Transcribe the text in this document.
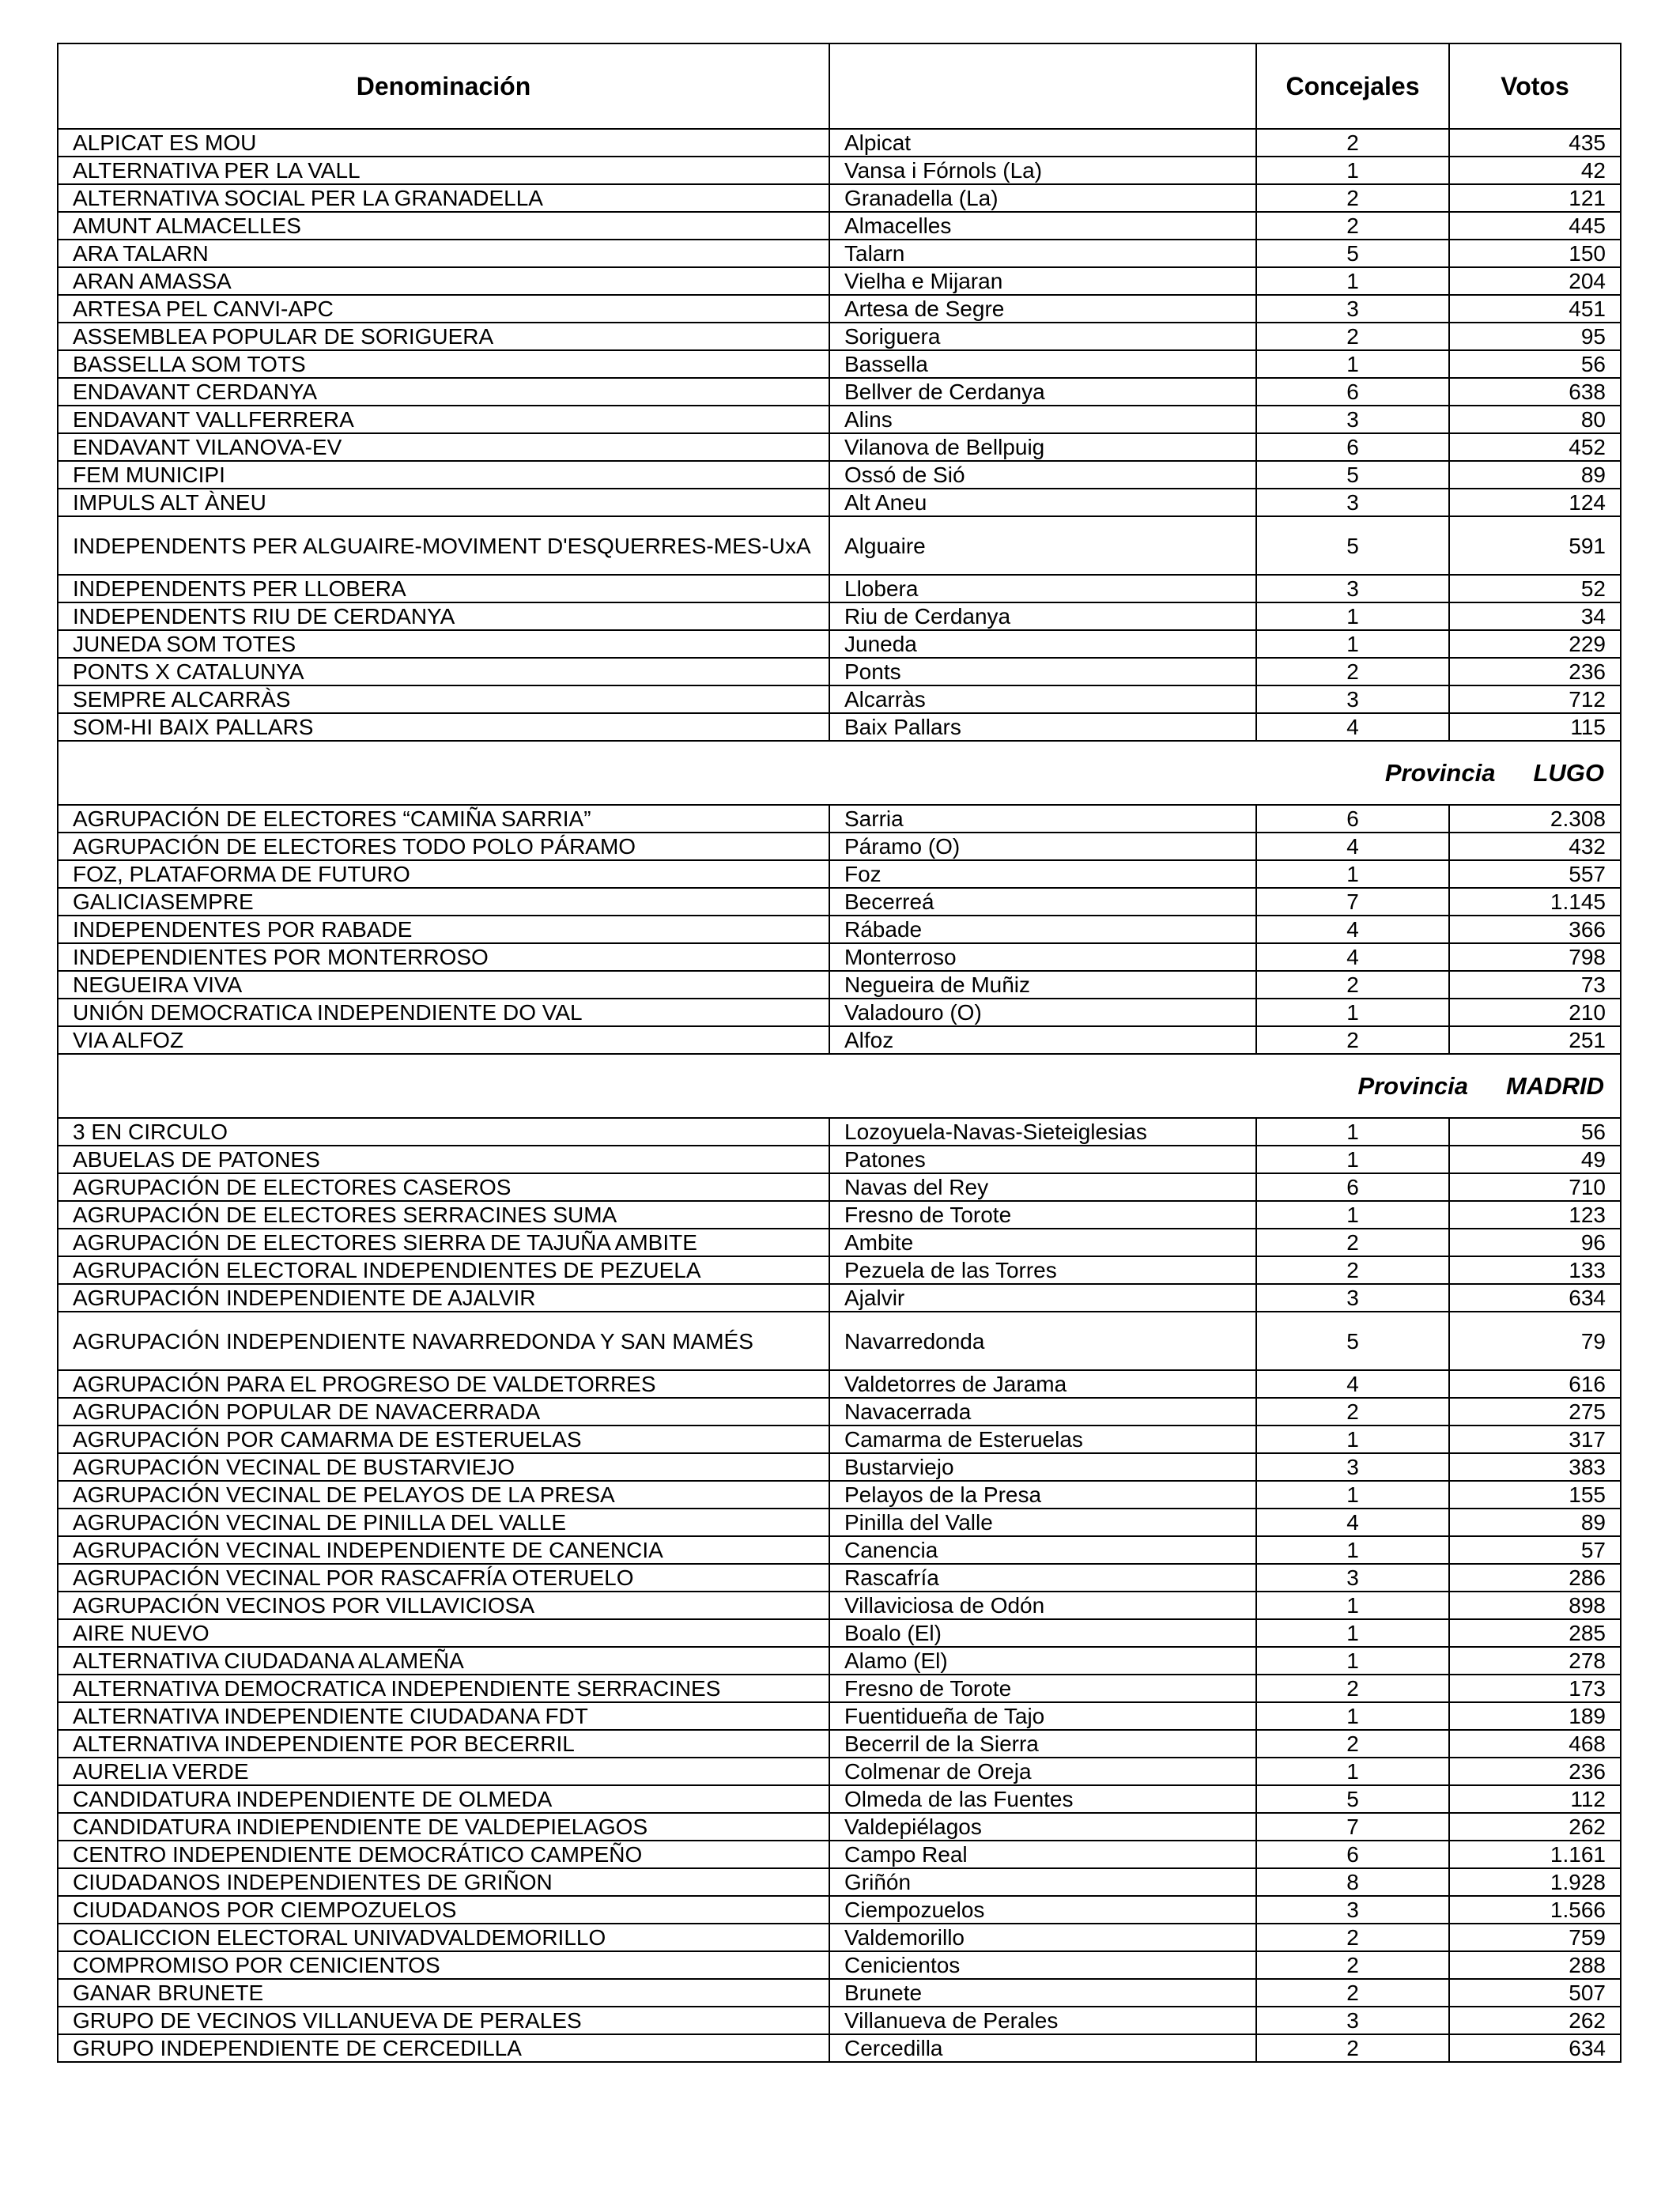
Denominación		Concejales	Votos
ALPICAT ES MOU	Alpicat	2	435
ALTERNATIVA PER LA VALL	Vansa i Fórnols (La)	1	42
ALTERNATIVA SOCIAL PER LA GRANADELLA	Granadella (La)	2	121
AMUNT ALMACELLES	Almacelles	2	445
ARA TALARN	Talarn	5	150
ARAN AMASSA	Vielha e Mijaran	1	204
ARTESA PEL CANVI-APC	Artesa de Segre	3	451
ASSEMBLEA POPULAR DE SORIGUERA	Soriguera	2	95
BASSELLA SOM TOTS	Bassella	1	56
ENDAVANT CERDANYA	Bellver de Cerdanya	6	638
ENDAVANT VALLFERRERA	Alins	3	80
ENDAVANT VILANOVA-EV	Vilanova de Bellpuig	6	452
FEM MUNICIPI	Ossó de Sió	5	89
IMPULS ALT ÀNEU	Alt Aneu	3	124
INDEPENDENTS PER ALGUAIRE-MOVIMENT D'ESQUERRES-MES-UxA	Alguaire	5	591
INDEPENDENTS PER LLOBERA	Llobera	3	52
INDEPENDENTS RIU DE CERDANYA	Riu de Cerdanya	1	34
JUNEDA SOM TOTES	Juneda	1	229
PONTS X CATALUNYA	Ponts	2	236
SEMPRE ALCARRÀS	Alcarràs	3	712
SOM-HI BAIX PALLARS	Baix Pallars	4	115
Provincia LUGO			
AGRUPACIÓN DE ELECTORES “CAMIÑA SARRIA”	Sarria	6	2.308
AGRUPACIÓN DE ELECTORES TODO POLO PÁRAMO	Páramo (O)	4	432
FOZ, PLATAFORMA DE FUTURO	Foz	1	557
GALICIASEMPRE	Becerreá	7	1.145
INDEPENDENTES POR RABADE	Rábade	4	366
INDEPENDIENTES POR MONTERROSO	Monterroso	4	798
NEGUEIRA VIVA	Negueira de Muñiz	2	73
UNIÓN DEMOCRATICA INDEPENDIENTE DO VAL	Valadouro (O)	1	210
VIA ALFOZ	Alfoz	2	251
Provincia MADRID			
3 EN CIRCULO	Lozoyuela-Navas-Sieteiglesias	1	56
ABUELAS DE PATONES	Patones	1	49
AGRUPACIÓN DE ELECTORES CASEROS	Navas del Rey	6	710
AGRUPACIÓN DE ELECTORES SERRACINES SUMA	Fresno de Torote	1	123
AGRUPACIÓN DE ELECTORES SIERRA DE TAJUÑA AMBITE	Ambite	2	96
AGRUPACIÓN ELECTORAL INDEPENDIENTES DE PEZUELA	Pezuela de las Torres	2	133
AGRUPACIÓN INDEPENDIENTE DE AJALVIR	Ajalvir	3	634
AGRUPACIÓN INDEPENDIENTE NAVARREDONDA Y SAN MAMÉS	Navarredonda	5	79
AGRUPACIÓN PARA EL PROGRESO DE VALDETORRES	Valdetorres de Jarama	4	616
AGRUPACIÓN POPULAR DE NAVACERRADA	Navacerrada	2	275
AGRUPACIÓN POR CAMARMA DE ESTERUELAS	Camarma de Esteruelas	1	317
AGRUPACIÓN VECINAL DE BUSTARVIEJO	Bustarviejo	3	383
AGRUPACIÓN VECINAL DE PELAYOS DE LA PRESA	Pelayos de la Presa	1	155
AGRUPACIÓN VECINAL DE PINILLA DEL VALLE	Pinilla del Valle	4	89
AGRUPACIÓN VECINAL INDEPENDIENTE DE CANENCIA	Canencia	1	57
AGRUPACIÓN VECINAL POR RASCAFRÍA OTERUELO	Rascafría	3	286
AGRUPACIÓN VECINOS POR VILLAVICIOSA	Villaviciosa de Odón	1	898
AIRE NUEVO	Boalo (El)	1	285
ALTERNATIVA CIUDADANA ALAMEÑA	Alamo (El)	1	278
ALTERNATIVA DEMOCRATICA INDEPENDIENTE SERRACINES	Fresno de Torote	2	173
ALTERNATIVA INDEPENDIENTE CIUDADANA FDT	Fuentidueña de Tajo	1	189
ALTERNATIVA INDEPENDIENTE POR BECERRIL	Becerril de la Sierra	2	468
AURELIA VERDE	Colmenar de Oreja	1	236
CANDIDATURA INDEPENDIENTE DE OLMEDA	Olmeda de las Fuentes	5	112
CANDIDATURA INDIEPENDIENTE DE VALDEPIELAGOS	Valdepiélagos	7	262
CENTRO INDEPENDIENTE DEMOCRÁTICO CAMPEÑO	Campo Real	6	1.161
CIUDADANOS INDEPENDIENTES DE GRIÑON	Griñón	8	1.928
CIUDADANOS POR CIEMPOZUELOS	Ciempozuelos	3	1.566
COALICCION ELECTORAL UNIVADVALDEMORILLO	Valdemorillo	2	759
COMPROMISO POR CENICIENTOS	Cenicientos	2	288
GANAR BRUNETE	Brunete	2	507
GRUPO DE VECINOS VILLANUEVA DE PERALES	Villanueva de Perales	3	262
GRUPO INDEPENDIENTE DE CERCEDILLA	Cercedilla	2	634
